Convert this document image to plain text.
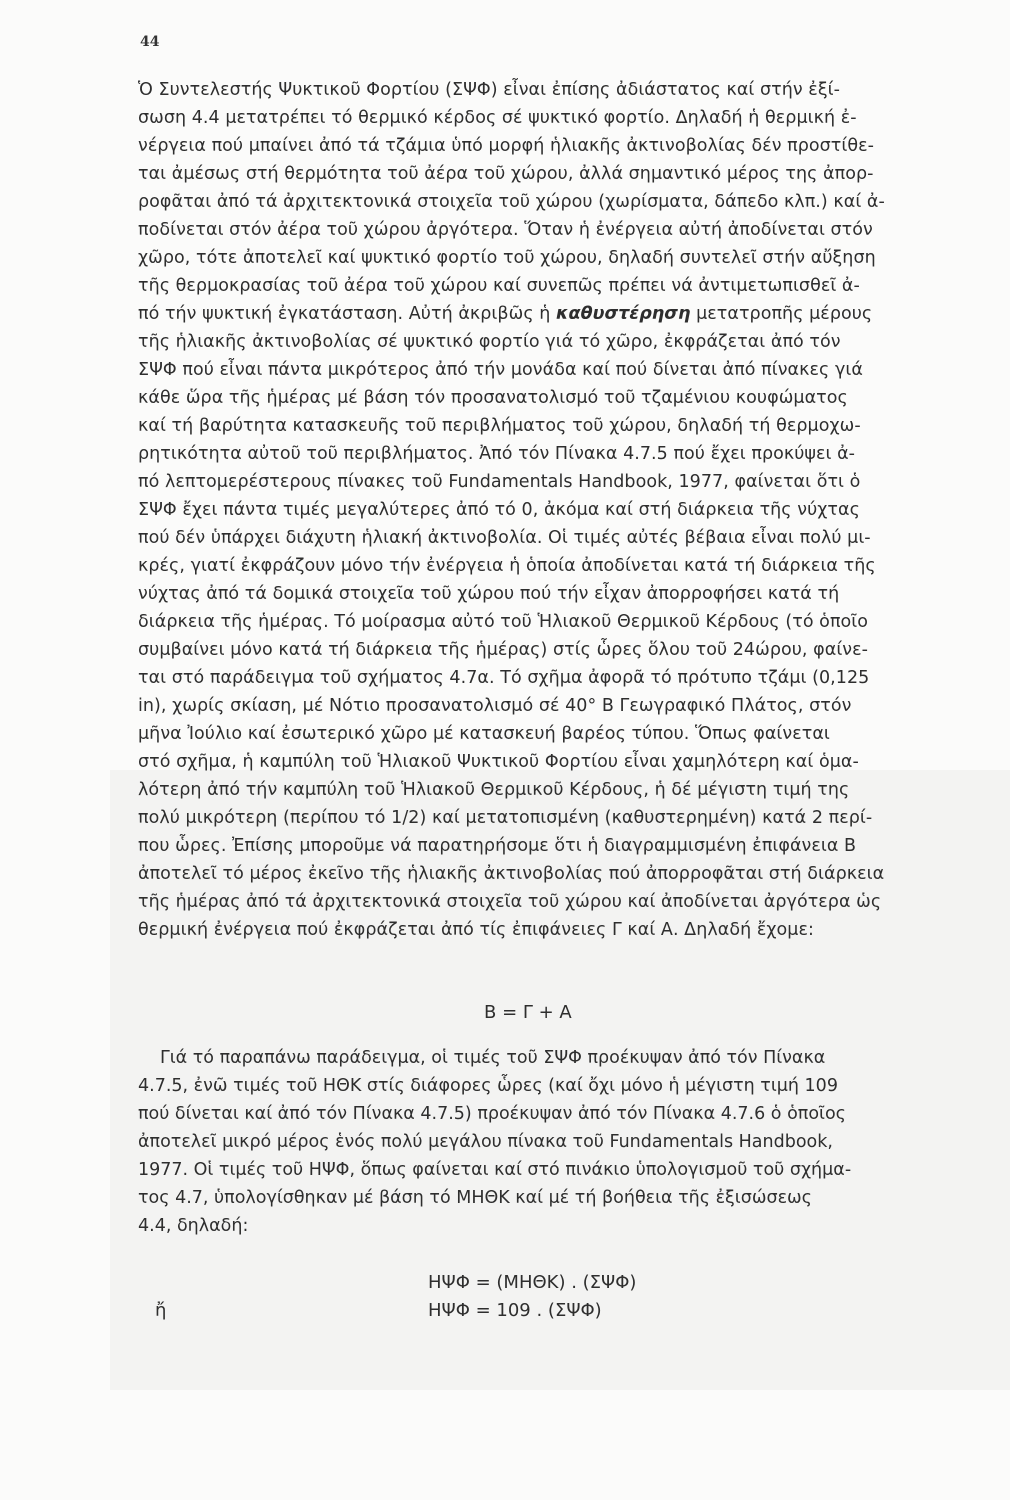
44
Ὁ Συντελεστής Ψυκτικοῦ Φορτίου (ΣΨΦ) εἶναι ἐπίσης ἀδιάστατος καί στήν ἐξί-
σωση 4.4 μετατρέπει τό θερμικό κέρδος σέ ψυκτικό φορτίο. Δηλαδή ἡ θερμική ἐ-
νέργεια πού μπαίνει ἀπό τά τζάμια ὑπό μορφή ἡλιακῆς ἀκτινοβολίας δέν προστίθε-
ται ἀμέσως στή θερμότητα τοῦ ἀέρα τοῦ χώρου, ἀλλά σημαντικό μέρος της ἀπορ-
ροφᾶται ἀπό τά ἀρχιτεκτονικά στοιχεῖα τοῦ χώρου (χωρίσματα, δάπεδο κλπ.) καί ἀ-
ποδίνεται στόν ἀέρα τοῦ χώρου ἀργότερα. Ὅταν ἡ ἐνέργεια αὐτή ἀποδίνεται στόν
χῶρο, τότε ἀποτελεῖ καί ψυκτικό φορτίο τοῦ χώρου, δηλαδή συντελεῖ στήν αὔξηση
τῆς θερμοκρασίας τοῦ ἀέρα τοῦ χώρου καί συνεπῶς πρέπει νά ἀντιμετωπισθεῖ ἀ-
πό τήν ψυκτική ἐγκατάσταση. Αὐτή ἀκριβῶς ἡ καθυστέρηση μετατροπῆς μέρους
τῆς ἡλιακῆς ἀκτινοβολίας σέ ψυκτικό φορτίο γιά τό χῶρο, ἐκφράζεται ἀπό τόν
ΣΨΦ πού εἶναι πάντα μικρότερος ἀπό τήν μονάδα καί πού δίνεται ἀπό πίνακες γιά
κάθε ὥρα τῆς ἡμέρας μέ βάση τόν προσανατολισμό τοῦ τζαμένιου κουφώματος
καί τή βαρύτητα κατασκευῆς τοῦ περιβλήματος τοῦ χώρου, δηλαδή τή θερμοχω-
ρητικότητα αὐτοῦ τοῦ περιβλήματος. Ἀπό τόν Πίνακα 4.7.5 πού ἔχει προκύψει ἀ-
πό λεπτομερέστερους πίνακες τοῦ Fundamentals Handbook, 1977, φαίνεται ὅτι ὁ
ΣΨΦ ἔχει πάντα τιμές μεγαλύτερες ἀπό τό 0, ἀκόμα καί στή διάρκεια τῆς νύχτας
πού δέν ὑπάρχει διάχυτη ἡλιακή ἀκτινοβολία. Οἱ τιμές αὐτές βέβαια εἶναι πολύ μι-
κρές, γιατί ἐκφράζουν μόνο τήν ἐνέργεια ἡ ὁποία ἀποδίνεται κατά τή διάρκεια τῆς
νύχτας ἀπό τά δομικά στοιχεῖα τοῦ χώρου πού τήν εἶχαν ἀπορροφήσει κατά τή
διάρκεια τῆς ἡμέρας. Τό μοίρασμα αὐτό τοῦ Ἡλιακοῦ Θερμικοῦ Κέρδους (τό ὁποῖο
συμβαίνει μόνο κατά τή διάρκεια τῆς ἡμέρας) στίς ὧρες ὅλου τοῦ 24ώρου, φαίνε-
ται στό παράδειγμα τοῦ σχήματος 4.7α. Τό σχῆμα ἀφορᾶ τό πρότυπο τζάμι (0,125
in), χωρίς σκίαση, μέ Νότιο προσανατολισμό σέ 40° Β Γεωγραφικό Πλάτος, στόν
μῆνα Ἰούλιο καί ἐσωτερικό χῶρο μέ κατασκευή βαρέος τύπου. Ὅπως φαίνεται
στό σχῆμα, ἡ καμπύλη τοῦ Ἡλιακοῦ Ψυκτικοῦ Φορτίου εἶναι χαμηλότερη καί ὁμα-
λότερη ἀπό τήν καμπύλη τοῦ Ἡλιακοῦ Θερμικοῦ Κέρδους, ἡ δέ μέγιστη τιμή της
πολύ μικρότερη (περίπου τό 1/2) καί μετατοπισμένη (καθυστερημένη) κατά 2 περί-
που ὧρες. Ἐπίσης μποροῦμε νά παρατηρήσομε ὅτι ἡ διαγραμμισμένη ἐπιφάνεια Β
ἀποτελεῖ τό μέρος ἐκεῖνο τῆς ἡλιακῆς ἀκτινοβολίας πού ἀπορροφᾶται στή διάρκεια
τῆς ἡμέρας ἀπό τά ἀρχιτεκτονικά στοιχεῖα τοῦ χώρου καί ἀποδίνεται ἀργότερα ὡς
θερμική ἐνέργεια πού ἐκφράζεται ἀπό τίς ἐπιφάνειες Γ καί Α. Δηλαδή ἔχομε:
Β = Γ + Α
Γιά τό παραπάνω παράδειγμα, οἱ τιμές τοῦ ΣΨΦ προέκυψαν ἀπό τόν Πίνακα
4.7.5, ἐνῶ τιμές τοῦ ΗΘΚ στίς διάφορες ὧρες (καί ὄχι μόνο ἡ μέγιστη τιμή 109
πού δίνεται καί ἀπό τόν Πίνακα 4.7.5) προέκυψαν ἀπό τόν Πίνακα 4.7.6 ὁ ὁποῖος
ἀποτελεῖ μικρό μέρος ἑνός πολύ μεγάλου πίνακα τοῦ Fundamentals Handbook,
1977. Οἱ τιμές τοῦ ΗΨΦ, ὅπως φαίνεται καί στό πινάκιο ὑπολογισμοῦ τοῦ σχήμα-
τος 4.7, ὑπολογίσθηκαν μέ βάση τό ΜΗΘΚ καί μέ τή βοήθεια τῆς ἐξισώσεως
4.4, δηλαδή:
ΗΨΦ = (ΜΗΘΚ) . (ΣΨΦ)
ἤ	ΗΨΦ = 109 . (ΣΨΦ)
